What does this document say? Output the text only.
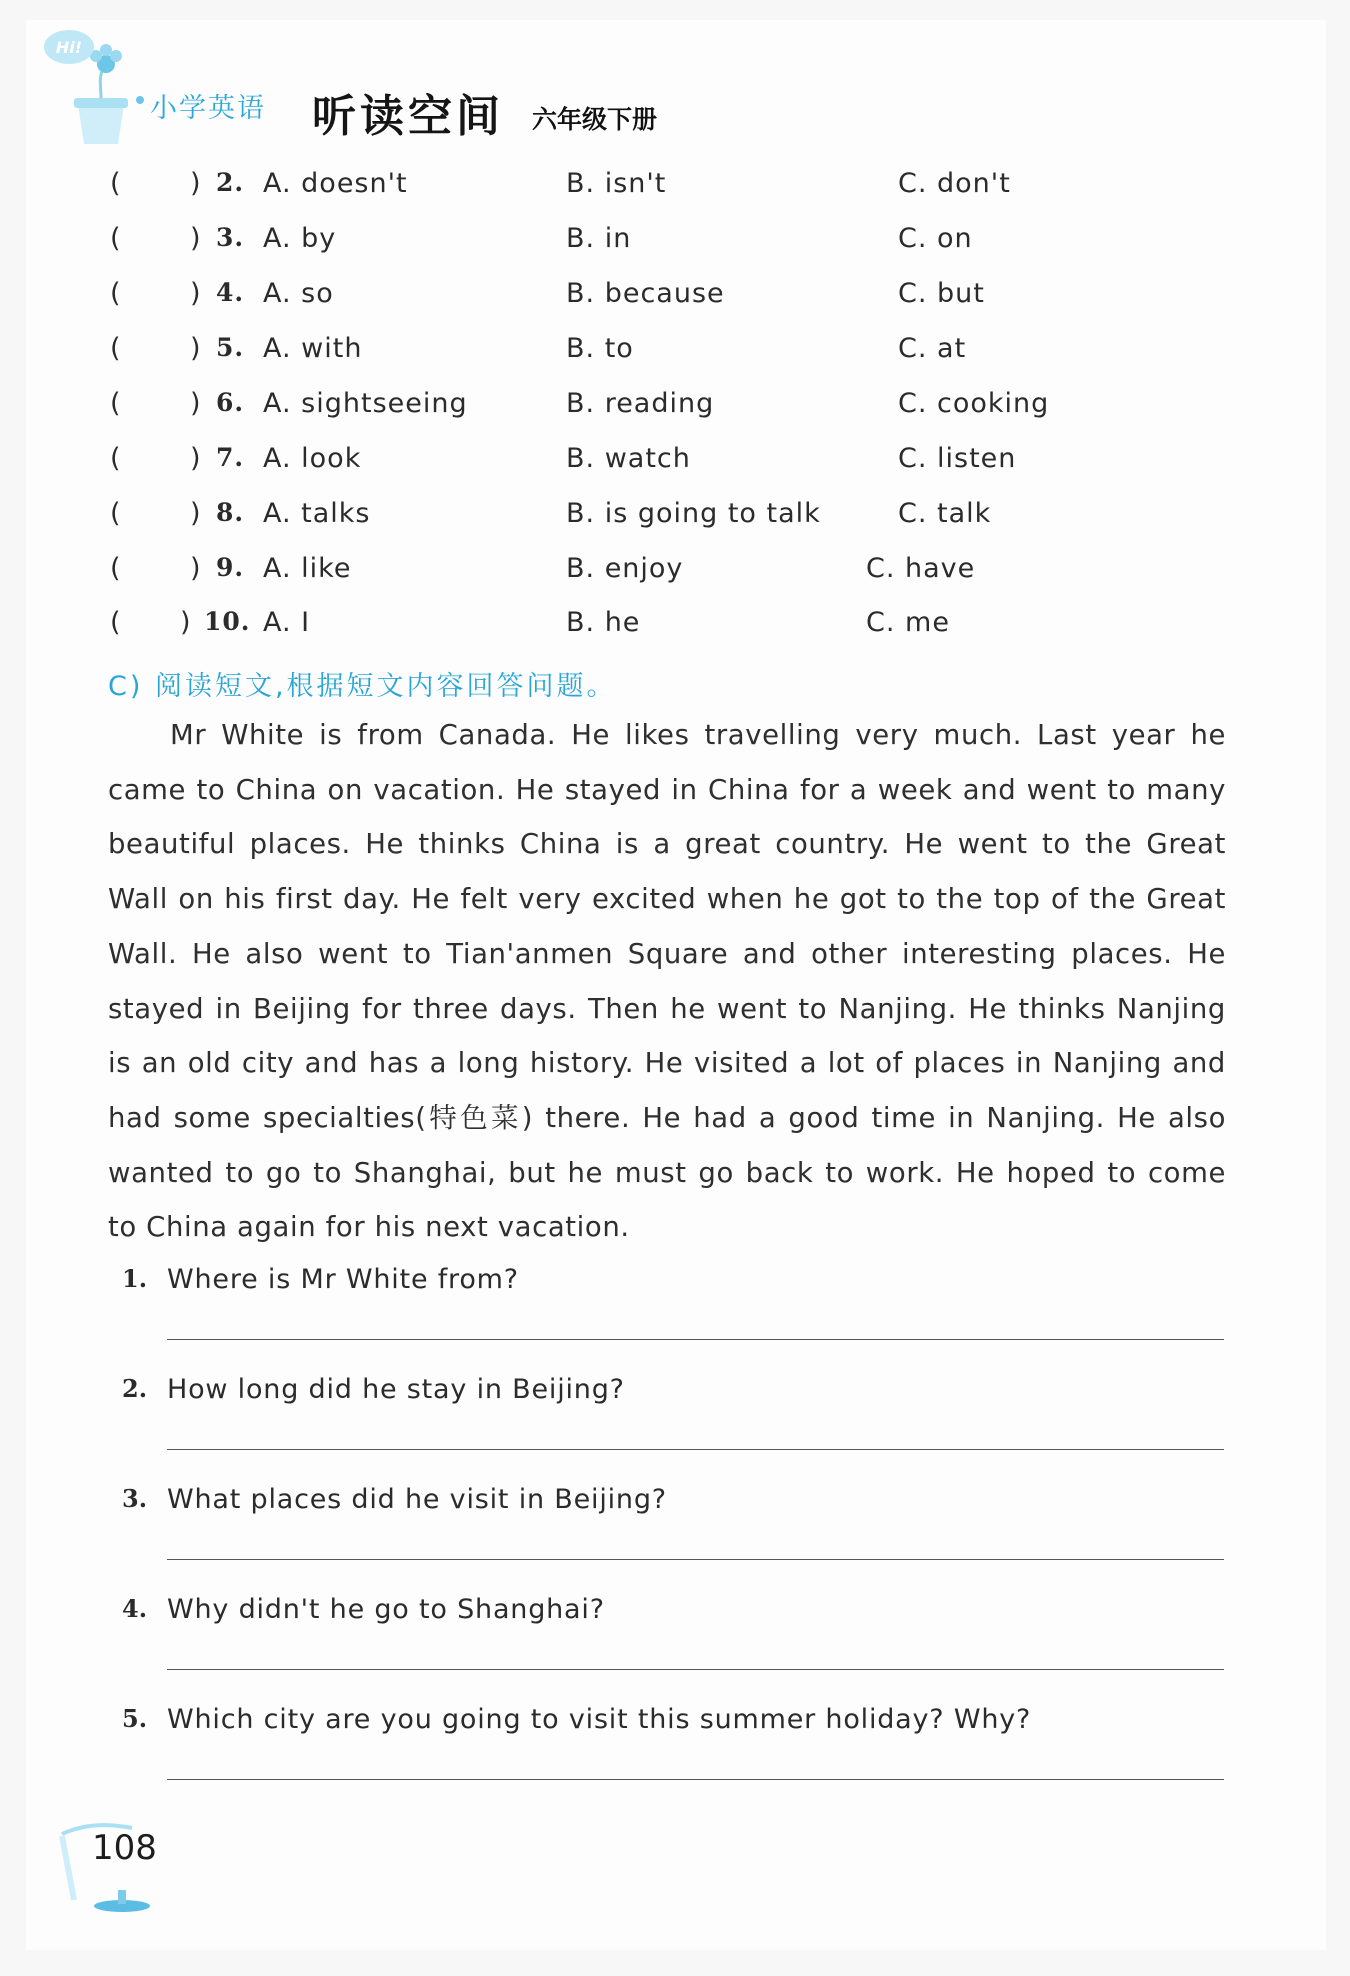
Hi!
小学英语 听读空间 六年级下册
(	) 2. A. doesn't	B. isn't	C. don't
(	) 3. A. by	B. in	C. on
(	) 4. A. so	B. because	C. but
(	) 5. A. with	B. to	C. at
(	) 6. A. sightseeing	B. reading	C. cooking
(	) 7. A. look	B. watch	C. listen
(	) 8. A. talks	B. is going to talk	C. talk
(	) 9. A. like	B. enjoy	C. have
( ) 10. A. I	B. he	C. me
C) 阅读短文,根据短文内容回答问题。

Mr White is from Canada. He likes travelling very much. Last year he came to China on vacation. He stayed in China for a week and went to many beautiful places. He thinks China is a great country. He went to the Great Wall on his first day. He felt very excited when he got to the top of the Great Wall. He also went to Tian'anmen Square and other interesting places. He stayed in Beijing for three days. Then he went to Nanjing. He thinks Nanjing is an old city and has a long history. He visited a lot of places in Nanjing and had some specialties(特色菜) there. He had a good time in Nanjing. He also wanted to go to Shanghai, but he must go back to work. He hoped to come to China again for his next vacation.

1. Where is Mr White from?
2. How long did he stay in Beijing?
3. What places did he visit in Beijing?
4. Why didn't he go to Shanghai?
5. Which city are you going to visit this summer holiday? Why?
108
